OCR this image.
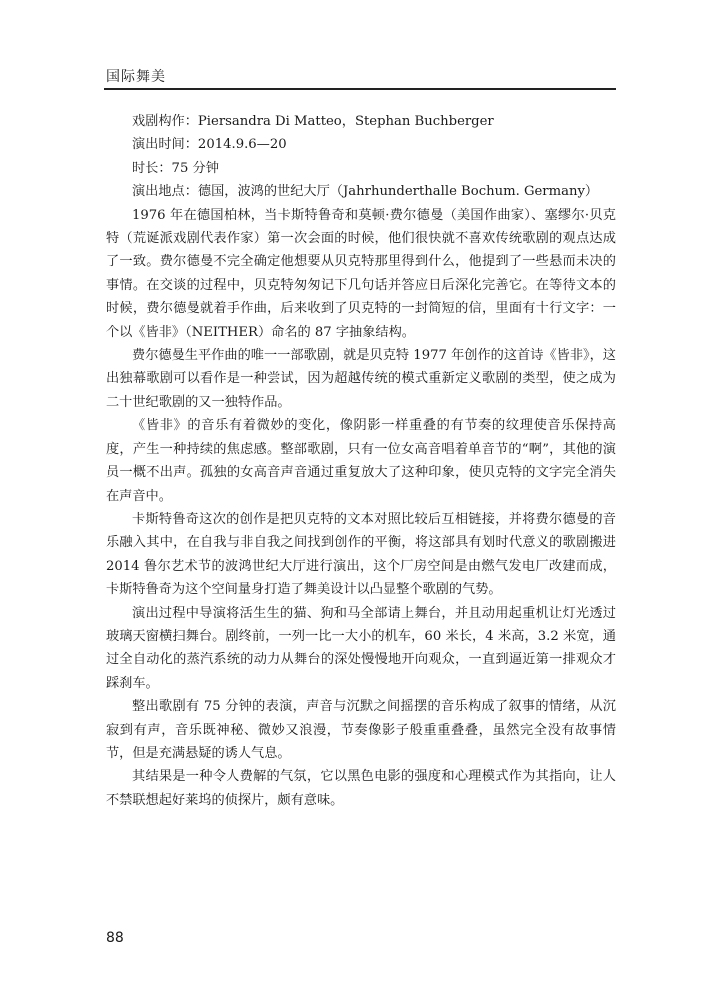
国际舞美

戏剧构作：Piersandra Di Matteo，Stephan Buchberger

演出时间：2014.9.6—20

时长：75 分钟

演出地点：德国，波鸿的世纪大厅（Jahrhunderthalle Bochum. Germany）

1976 年在德国柏林，当卡斯特鲁奇和莫顿·费尔德曼（美国作曲家）、塞缪尔·贝克特（荒诞派戏剧代表作家）第一次会面的时候，他们很快就不喜欢传统歌剧的观点达成了一致。费尔德曼不完全确定他想要从贝克特那里得到什么，他提到了一些悬而未决的事情。在交谈的过程中，贝克特匆匆记下几句话并答应日后深化完善它。在等待文本的时候，费尔德曼就着手作曲，后来收到了贝克特的一封简短的信，里面有十行文字：一个以《皆非》（NEITHER）命名的 87 字抽象结构。

费尔德曼生平作曲的唯一一部歌剧，就是贝克特 1977 年创作的这首诗《皆非》，这出独幕歌剧可以看作是一种尝试，因为超越传统的模式重新定义歌剧的类型，使之成为二十世纪歌剧的又一独特作品。

《皆非》的音乐有着微妙的变化，像阴影一样重叠的有节奏的纹理使音乐保持高度，产生一种持续的焦虑感。整部歌剧，只有一位女高音唱着单音节的“啊”，其他的演员一概不出声。孤独的女高音声音通过重复放大了这种印象，使贝克特的文字完全消失在声音中。

卡斯特鲁奇这次的创作是把贝克特的文本对照比较后互相链接，并将费尔德曼的音乐融入其中，在自我与非自我之间找到创作的平衡，将这部具有划时代意义的歌剧搬进 2014 鲁尔艺术节的波鸿世纪大厅进行演出，这个厂房空间是由燃气发电厂改建而成，卡斯特鲁奇为这个空间量身打造了舞美设计以凸显整个歌剧的气势。

演出过程中导演将活生生的猫、狗和马全部请上舞台，并且动用起重机让灯光透过玻璃天窗横扫舞台。剧终前，一列一比一大小的机车，60 米长，4 米高，3.2 米宽，通过全自动化的蒸汽系统的动力从舞台的深处慢慢地开向观众，一直到逼近第一排观众才踩刹车。

整出歌剧有 75 分钟的表演，声音与沉默之间摇摆的音乐构成了叙事的情绪，从沉寂到有声，音乐既神秘、微妙又浪漫，节奏像影子般重重叠叠，虽然完全没有故事情节，但是充满悬疑的诱人气息。

其结果是一种令人费解的气氛，它以黑色电影的强度和心理模式作为其指向，让人不禁联想起好莱坞的侦探片，颇有意味。

88
